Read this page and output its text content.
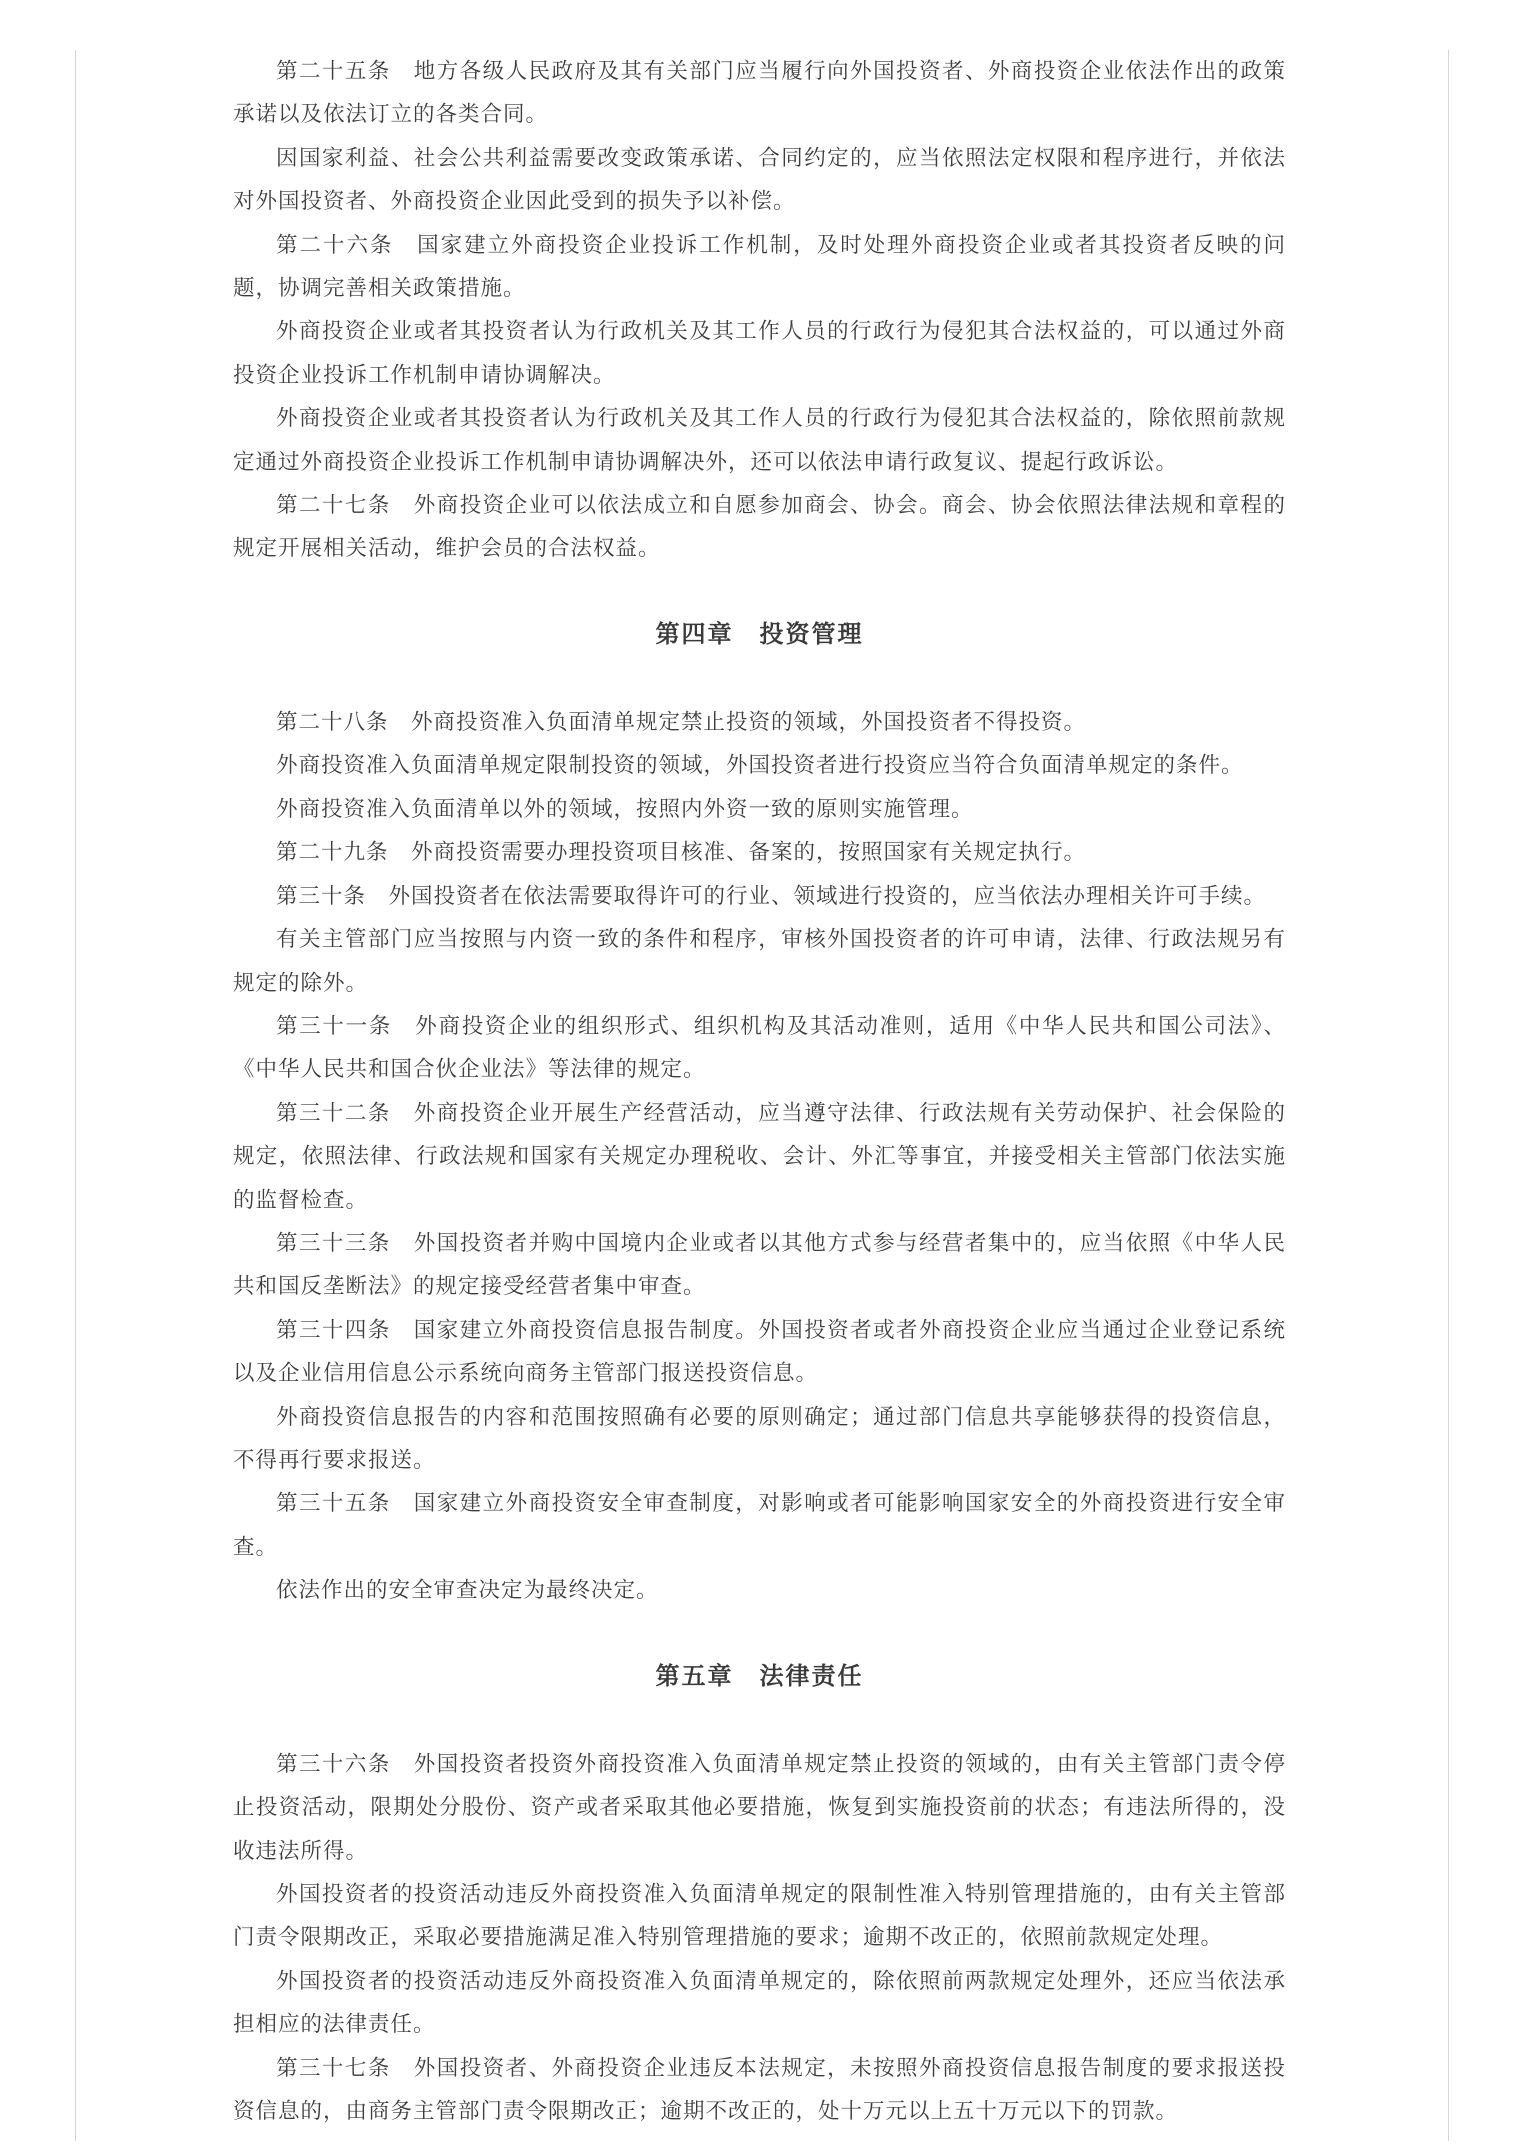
第二十五条　地方各级人民政府及其有关部门应当履行向外国投资者、外商投资企业依法作出的政策承诺以及依法订立的各类合同。

因国家利益、社会公共利益需要改变政策承诺、合同约定的，应当依照法定权限和程序进行，并依法对外国投资者、外商投资企业因此受到的损失予以补偿。

第二十六条　国家建立外商投资企业投诉工作机制，及时处理外商投资企业或者其投资者反映的问题，协调完善相关政策措施。

外商投资企业或者其投资者认为行政机关及其工作人员的行政行为侵犯其合法权益的，可以通过外商投资企业投诉工作机制申请协调解决。

外商投资企业或者其投资者认为行政机关及其工作人员的行政行为侵犯其合法权益的，除依照前款规定通过外商投资企业投诉工作机制申请协调解决外，还可以依法申请行政复议、提起行政诉讼。

第二十七条　外商投资企业可以依法成立和自愿参加商会、协会。商会、协会依照法律法规和章程的规定开展相关活动，维护会员的合法权益。

第四章　投资管理

第二十八条　外商投资准入负面清单规定禁止投资的领域，外国投资者不得投资。

外商投资准入负面清单规定限制投资的领域，外国投资者进行投资应当符合负面清单规定的条件。

外商投资准入负面清单以外的领域，按照内外资一致的原则实施管理。

第二十九条　外商投资需要办理投资项目核准、备案的，按照国家有关规定执行。

第三十条　外国投资者在依法需要取得许可的行业、领域进行投资的，应当依法办理相关许可手续。

有关主管部门应当按照与内资一致的条件和程序，审核外国投资者的许可申请，法律、行政法规另有规定的除外。

第三十一条　外商投资企业的组织形式、组织机构及其活动准则，适用《中华人民共和国公司法》、《中华人民共和国合伙企业法》等法律的规定。

第三十二条　外商投资企业开展生产经营活动，应当遵守法律、行政法规有关劳动保护、社会保险的规定，依照法律、行政法规和国家有关规定办理税收、会计、外汇等事宜，并接受相关主管部门依法实施的监督检查。

第三十三条　外国投资者并购中国境内企业或者以其他方式参与经营者集中的，应当依照《中华人民共和国反垄断法》的规定接受经营者集中审查。

第三十四条　国家建立外商投资信息报告制度。外国投资者或者外商投资企业应当通过企业登记系统以及企业信用信息公示系统向商务主管部门报送投资信息。

外商投资信息报告的内容和范围按照确有必要的原则确定；通过部门信息共享能够获得的投资信息，不得再行要求报送。

第三十五条　国家建立外商投资安全审查制度，对影响或者可能影响国家安全的外商投资进行安全审查。

依法作出的安全审查决定为最终决定。

第五章　法律责任

第三十六条　外国投资者投资外商投资准入负面清单规定禁止投资的领域的，由有关主管部门责令停止投资活动，限期处分股份、资产或者采取其他必要措施，恢复到实施投资前的状态；有违法所得的，没收违法所得。

外国投资者的投资活动违反外商投资准入负面清单规定的限制性准入特别管理措施的，由有关主管部门责令限期改正，采取必要措施满足准入特别管理措施的要求；逾期不改正的，依照前款规定处理。

外国投资者的投资活动违反外商投资准入负面清单规定的，除依照前两款规定处理外，还应当依法承担相应的法律责任。

第三十七条　外国投资者、外商投资企业违反本法规定，未按照外商投资信息报告制度的要求报送投资信息的，由商务主管部门责令限期改正；逾期不改正的，处十万元以上五十万元以下的罚款。
